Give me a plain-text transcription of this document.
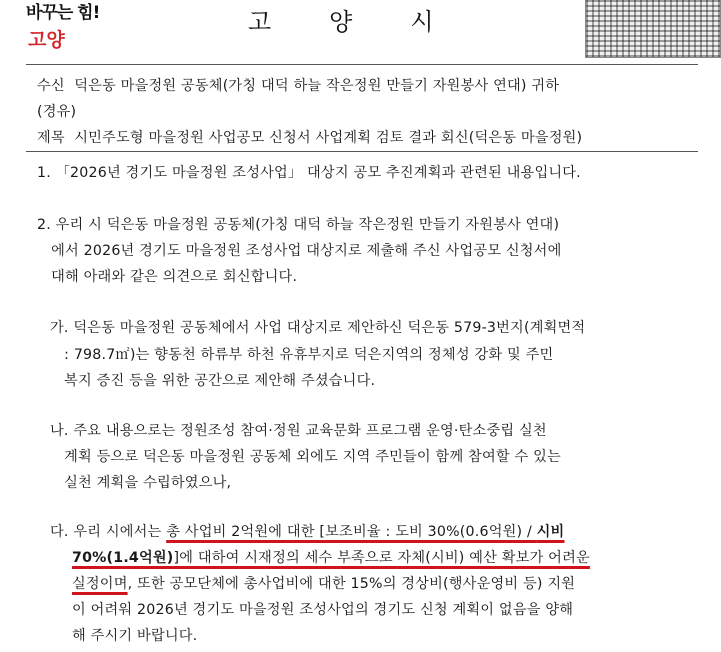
바꾸는 힘!
고양
고양시
수신  덕은동 마을정원 공동체(가칭 대덕 하늘 작은정원 만들기 자원봉사 연대) 귀하
(경유)
제목  시민주도형 마을정원 사업공모 신청서 사업계획 검토 결과 회신(덕은동 마을정원)
1. 「2026년 경기도 마을정원 조성사업」 대상지 공모 추진계획과 관련된 내용입니다.
2. 우리 시 덕은동 마을정원 공동체(가칭 대덕 하늘 작은정원 만들기 자원봉사 연대)
에서 2026년 경기도 마을정원 조성사업 대상지로 제출해 주신 사업공모 신청서에
대해 아래와 같은 의견으로 회신합니다.
가. 덕은동 마을정원 공동체에서 사업 대상지로 제안하신 덕은동 579-3번지(계획면적
: 798.7㎡)는 향동천 하류부 하천 유휴부지로 덕은지역의 정체성 강화 및 주민
복지 증진 등을 위한 공간으로 제안해 주셨습니다.
나. 주요 내용으로는 정원조성 참여·정원 교육문화 프로그램 운영·탄소중립 실천
계획 등으로 덕은동 마을정원 공동체 외에도 지역 주민들이 함께 참여할 수 있는
실천 계획을 수립하였으나,
다. 우리 시에서는 총 사업비 2억원에 대한 [보조비율 : 도비 30%(0.6억원) / 시비
70%(1.4억원)]에 대하여 시재정의 세수 부족으로 자체(시비) 예산 확보가 어려운
실정이며, 또한 공모단체에 총사업비에 대한 15%의 경상비(행사운영비 등) 지원
이 어려워 2026년 경기도 마을정원 조성사업의 경기도 신청 계획이 없음을 양해
해 주시기 바랍니다.
